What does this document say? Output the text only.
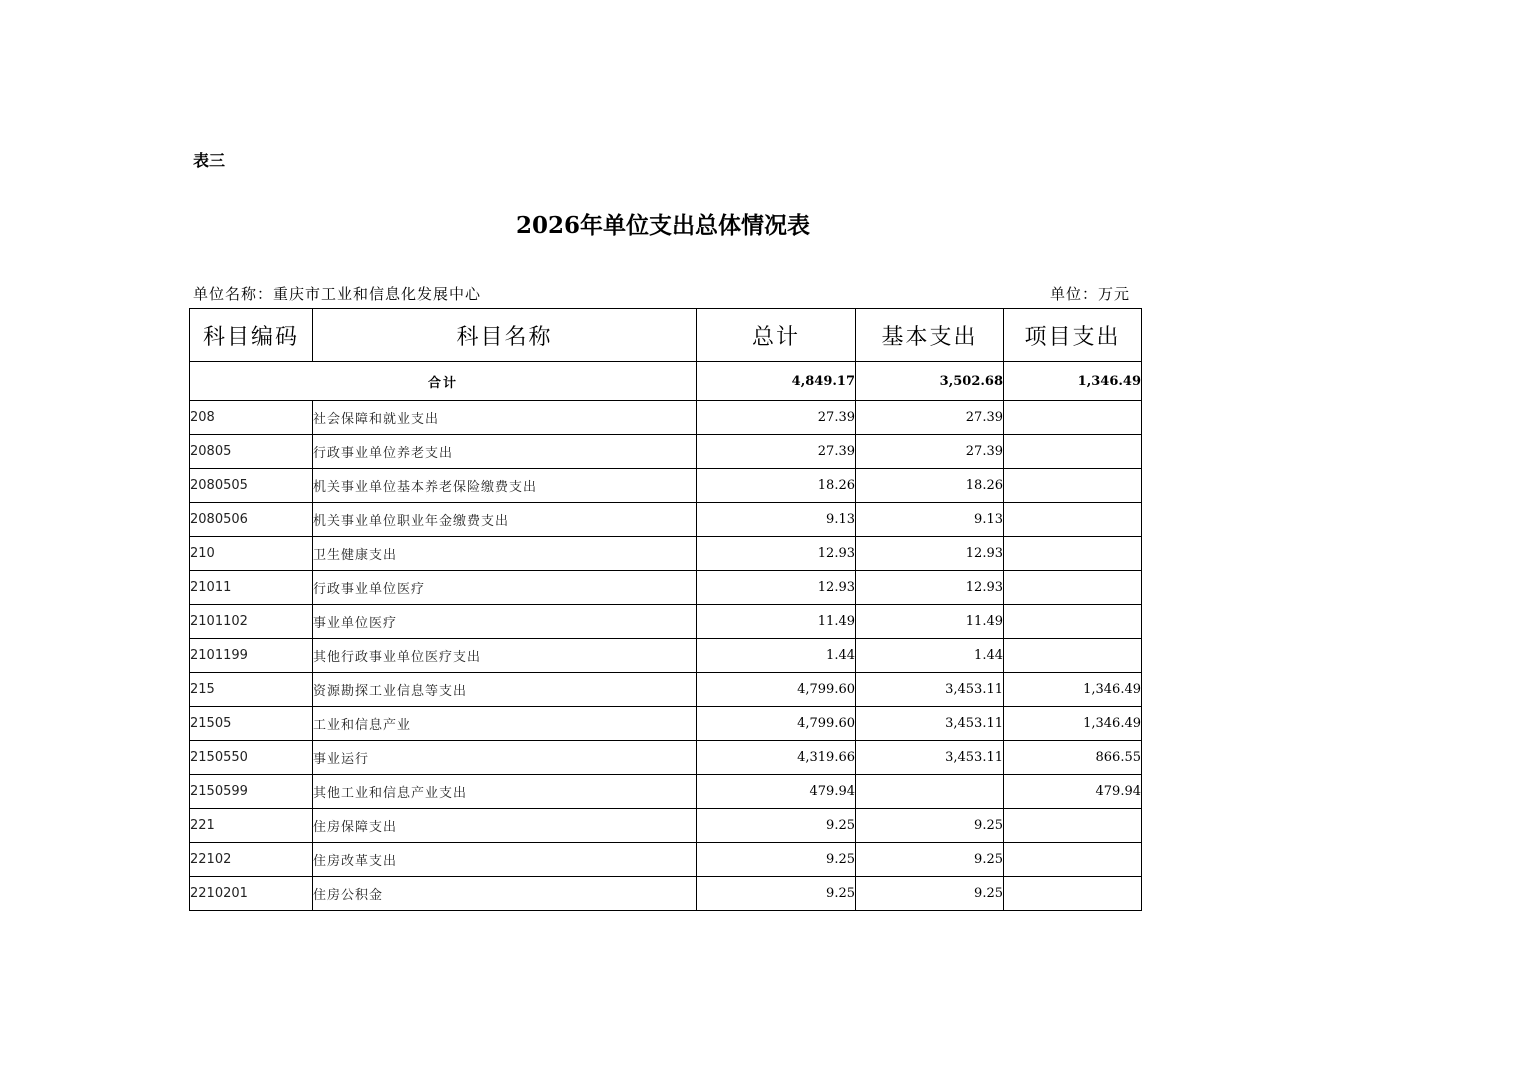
表三
2026年单位支出总体情况表
单位名称：重庆市工业和信息化发展中心	单位：万元
科目编码	科目名称	总计	基本支出	项目支出
合计		4,849.17	3,502.68	1,346.49
208	社会保障和就业支出	27.39	27.39	
20805	行政事业单位养老支出	27.39	27.39	
2080505	机关事业单位基本养老保险缴费支出	18.26	18.26	
2080506	机关事业单位职业年金缴费支出	9.13	9.13	
210	卫生健康支出	12.93	12.93	
21011	行政事业单位医疗	12.93	12.93	
2101102	事业单位医疗	11.49	11.49	
2101199	其他行政事业单位医疗支出	1.44	1.44	
215	资源勘探工业信息等支出	4,799.60	3,453.11	1,346.49
21505	工业和信息产业	4,799.60	3,453.11	1,346.49
2150550	事业运行	4,319.66	3,453.11	866.55
2150599	其他工业和信息产业支出	479.94		479.94
221	住房保障支出	9.25	9.25	
22102	住房改革支出	9.25	9.25	
2210201	住房公积金	9.25	9.25	
